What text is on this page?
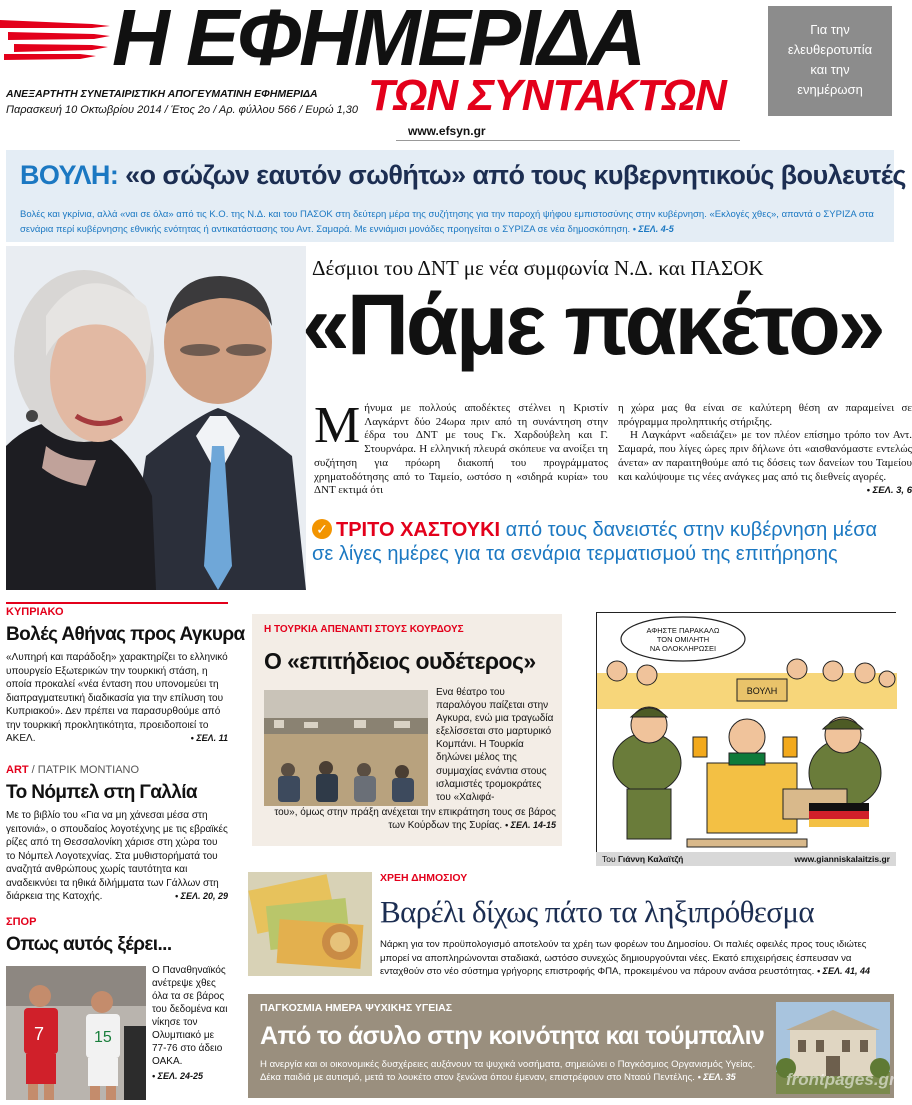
Η ΕΦΗΜΕΡΙΔΑ
ΤΩΝ ΣΥΝΤΑΚΤΩΝ
ΑΝΕΞΑΡΤΗΤΗ ΣΥΝΕΤΑΙΡΙΣΤΙΚΗ ΑΠΟΓΕΥΜΑΤΙΝΗ ΕΦΗΜΕΡΙΔΑ
Παρασκευή 10 Οκτωβρίου 2014 / Έτος 2ο / Αρ. φύλλου 566 / Ευρώ 1,30
www.efsyn.gr
Για την
ελευθεροτυπία
και την
ενημέρωση
ΒΟΥΛΗ: «ο σώζων εαυτόν σωθήτω» από τους κυβερνητικούς βουλευτές
Βολές και γκρίνια, αλλά «ναι σε όλα» από τις Κ.Ο. της Ν.Δ. και του ΠΑΣΟΚ στη δεύτερη μέρα της συζήτησης για την παροχή ψήφου εμπιστοσύνης στην κυβέρνηση. «Εκλογές χθες», απαντά ο ΣΥΡΙΖΑ στα σενάρια περί κυβέρνησης εθνικής ενότητας ή αντικατάστασης του Αντ. Σαμαρά. Με εννιάμισι μονάδες προηγείται ο ΣΥΡΙΖΑ σε νέα δημοσκόπηση. • ΣΕΛ. 4-5
Δέσμιοι του ΔΝΤ με νέα συμφωνία Ν.Δ. και ΠΑΣΟΚ
«Πάμε πακέτο»
Μήνυμα με πολλούς αποδέκτες στέλνει η Κριστίν Λαγκάρντ δύο 24ωρα πριν από τη συνάντηση στην έδρα του ΔΝΤ με τους Γκ. Χαρδούβελη και Γ. Στουρνάρα. Η ελληνική πλευρά σκόπευε να ανοίξει τη συζήτηση για πρόωρη διακοπή του προγράμματος χρηματοδότησης από το Ταμείο, ωστόσο η «σιδηρά κυρία» του ΔΝΤ εκτιμά ότι
η χώρα μας θα είναι σε καλύτερη θέση αν παραμείνει σε πρόγραμμα προληπτικής στήριξης.
Η Λαγκάρντ «αδειάζει» με τον πλέον επίσημο τρόπο τον Αντ. Σαμαρά, που λίγες ώρες πριν δήλωνε ότι «αισθανόμαστε εντελώς άνετα» αν παραιτηθούμε από τις δόσεις των δανείων του Ταμείου και καλύψουμε τις νέες ανάγκες μας από τις διεθνείς αγορές.
• ΣΕΛ. 3, 6
✓ ΤΡΙΤΟ ΧΑΣΤΟΥΚΙ από τους δανειστές στην κυβέρνηση μέσα σε λίγες ημέρες για τα σενάρια τερματισμού της επιτήρησης
ΚΥΠΡΙΑΚΟ
Βολές Αθήνας προς Αγκυρα
«Λυπηρή και παράδοξη» χαρακτηρίζει το ελληνικό υπουργείο Εξωτερικών την τουρκική στάση, η οποία προκαλεί «νέα ένταση που υπονομεύει τη διαπραγματευτική διαδικασία για την επίλυση του Κυπριακού». Δεν πρέπει να παρασυρθούμε από την τουρκική προκλητικότητα, προειδοποιεί το ΑΚΕΛ.	• ΣΕΛ. 11
ART / ΠΑΤΡΙΚ ΜΟΝΤΙΑΝΟ
Το Νόμπελ στη Γαλλία
Με το βιβλίο του «Για να μη χάνεσαι μέσα στη γειτονιά», ο σπουδαίος λογοτέχνης με τις εβραϊκές ρίζες από τη Θεσσαλονίκη χάρισε στη χώρα του το Νόμπελ Λογοτεχνίας. Στα μυθιστορήματά του αναζητά ανθρώπους χωρίς ταυτότητα και αναδεικνύει τα ηθικά διλήμματα των Γάλλων στη διάρκεια της Κατοχής.	• ΣΕΛ. 20, 29
ΣΠΟΡ
Οπως αυτός ξέρει...
7	15
Ο Παναθηναϊκός ανέτρεψε χθες όλα τα σε βάρος του δεδομένα και νίκησε τον Ολυμπιακό με 77-76 στο άδειο ΟΑΚΑ.
• ΣΕΛ. 24-25
Η ΤΟΥΡΚΙΑ ΑΠΕΝΑΝΤΙ ΣΤΟΥΣ ΚΟΥΡΔΟΥΣ
Ο «επιτήδειος ουδέτερος»
Ενα θέατρο του παραλόγου παίζεται στην Αγκυρα, ενώ μια τραγωδία εξελίσσεται στο μαρτυρικό Κομπάνι. Η Τουρκία δηλώνει μέλος της συμμαχίας ενάντια στους ισλαμιστές τρομοκράτες του «Χαλιφά-
του», όμως στην πράξη ανέχεται την επικράτηση τους σε βάρος των Κούρδων της Συρίας. • ΣΕΛ. 14-15
ΑΦΗΣΤΕ ΠΑΡΑΚΑΛΩ
ΤΟΝ ΟΜΙΛΗΤΗ
ΝΑ ΟΛΟΚΛΗΡΩΣΕΙ
ΒΟΥΛΗ
Του Γιάννη Καλαϊτζή	www.gianniskalaitzis.gr
ΧΡΕΗ ΔΗΜΟΣΙΟΥ
Βαρέλι δίχως πάτο τα ληξιπρόθεσμα
Νάρκη για τον προϋπολογισμό αποτελούν τα χρέη των φορέων του Δημοσίου. Οι παλιές οφειλές προς τους ιδιώτες μπορεί να αποπληρώνονται σταδιακά, ωστόσο συνεχώς δημιουργούνται νέες. Εκατό επιχειρήσεις έσπευσαν να ενταχθούν στο νέο σύστημα γρήγορης επιστροφής ΦΠΑ, προκειμένου να πάρουν ανάσα ρευστότητας. • ΣΕΛ. 41, 44
ΠΑΓΚΟΣΜΙΑ ΗΜΕΡΑ ΨΥΧΙΚΗΣ ΥΓΕΙΑΣ
Από το άσυλο στην κοινότητα και τούμπαλιν
Η ανεργία και οι οικονομικές δυσχέρειες αυξάνουν τα ψυχικά νοσήματα, σημειώνει ο Παγκόσμιος Οργανισμός Υγείας. Δέκα παιδιά με αυτισμό, μετά το λουκέτο στον ξενώνα όπου έμεναν, επιστρέφουν στο Νταού Πεντέλης. • ΣΕΛ. 35	frontpages.gr
